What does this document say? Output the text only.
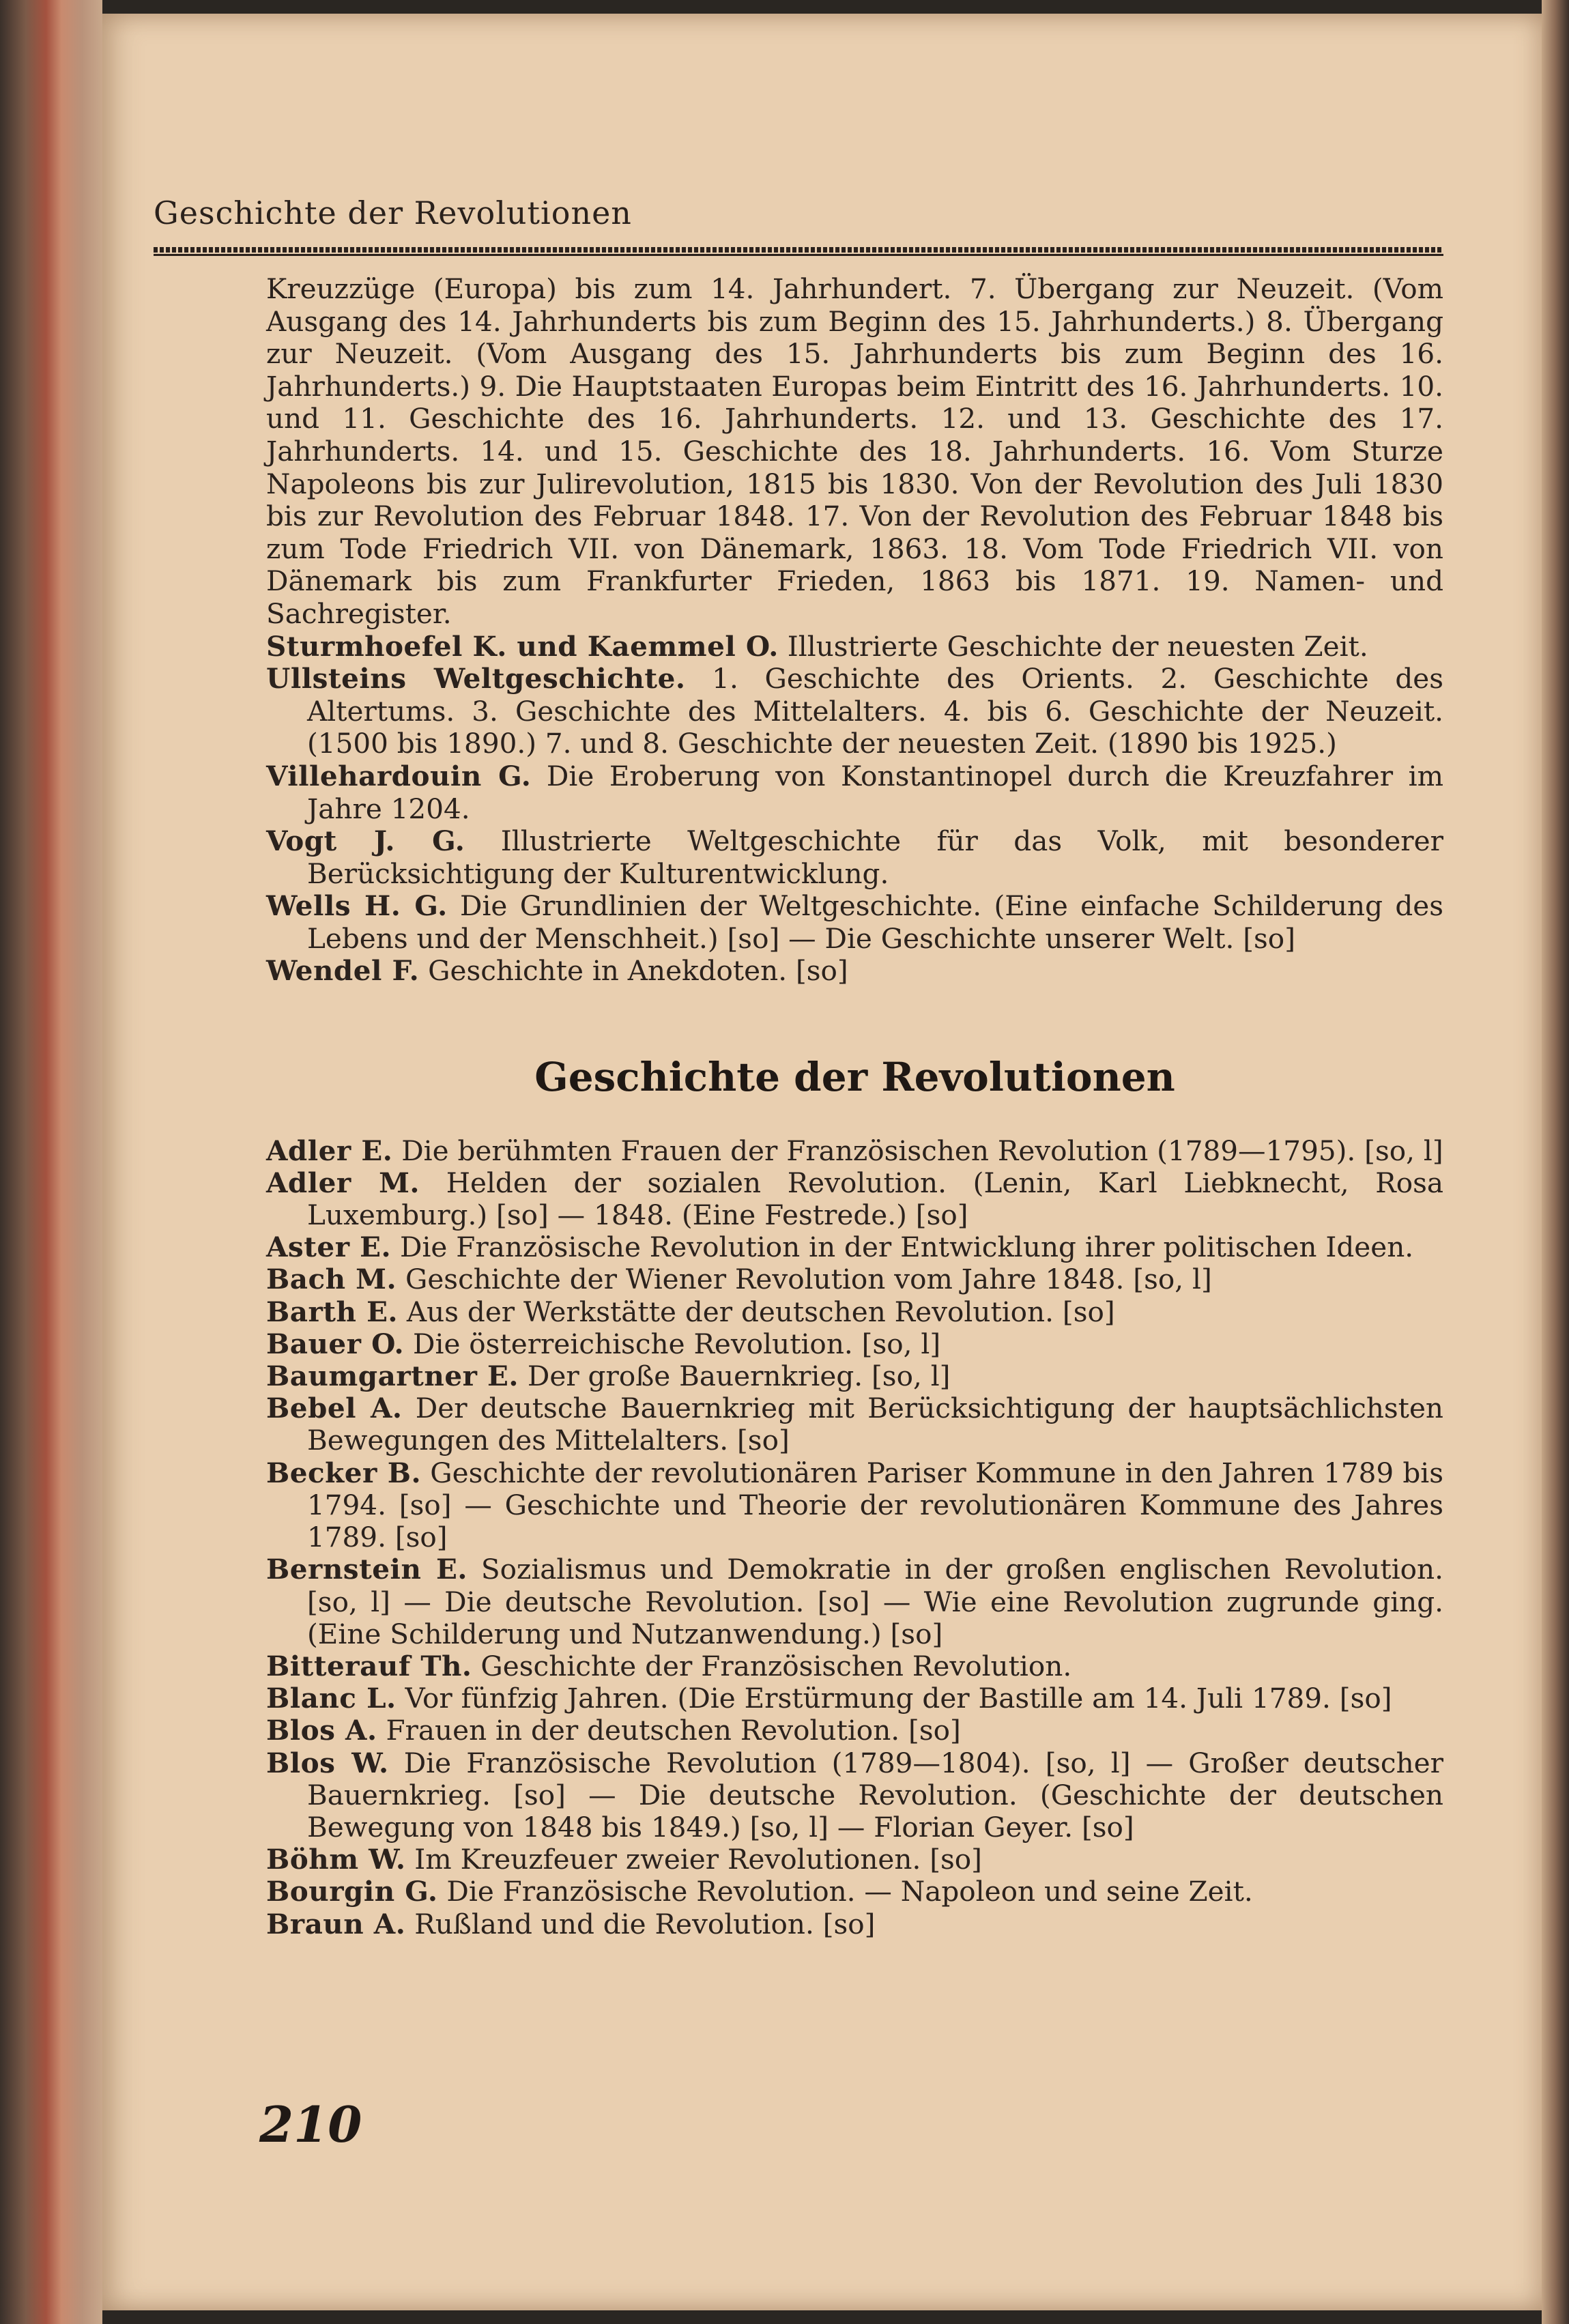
Geschichte der Revolutionen

Kreuzzüge (Europa) bis zum 14. Jahrhundert. 7. Übergang zur Neuzeit. (Vom Ausgang des 14. Jahrhunderts bis zum Beginn des 15. Jahrhunderts.) 8. Übergang zur Neuzeit. (Vom Ausgang des 15. Jahrhunderts bis zum Beginn des 16. Jahrhunderts.) 9. Die Hauptstaaten Europas beim Eintritt des 16. Jahrhunderts. 10. und 11. Geschichte des 16. Jahrhunderts. 12. und 13. Geschichte des 17. Jahrhunderts. 14. und 15. Geschichte des 18. Jahrhunderts. 16. Vom Sturze Napoleons bis zur Julirevolution, 1815 bis 1830. Von der Revolution des Juli 1830 bis zur Revolution des Februar 1848. 17. Von der Revolution des Februar 1848 bis zum Tode Friedrich VII. von Dänemark, 1863. 18. Vom Tode Friedrich VII. von Dänemark bis zum Frankfurter Frieden, 1863 bis 1871. 19. Namen- und Sachregister.

Sturmhoefel K. und Kaemmel O. Illustrierte Geschichte der neuesten Zeit.

Ullsteins Weltgeschichte. 1. Geschichte des Orients. 2. Geschichte des Altertums. 3. Geschichte des Mittelalters. 4. bis 6. Geschichte der Neuzeit. (1500 bis 1890.) 7. und 8. Geschichte der neuesten Zeit. (1890 bis 1925.)

Villehardouin G. Die Eroberung von Konstantinopel durch die Kreuzfahrer im Jahre 1204.

Vogt J. G. Illustrierte Weltgeschichte für das Volk, mit besonderer Berücksichtigung der Kulturentwicklung.

Wells H. G. Die Grundlinien der Weltgeschichte. (Eine einfache Schilderung des Lebens und der Menschheit.) [so] — Die Geschichte unserer Welt. [so]

Wendel F. Geschichte in Anekdoten. [so]

Geschichte der Revolutionen

Adler E. Die berühmten Frauen der Französischen Revolution (1789—1795). [so, l]

Adler M. Helden der sozialen Revolution. (Lenin, Karl Liebknecht, Rosa Luxemburg.) [so] — 1848. (Eine Festrede.) [so]

Aster E. Die Französische Revolution in der Entwicklung ihrer politischen Ideen.

Bach M. Geschichte der Wiener Revolution vom Jahre 1848. [so, l]

Barth E. Aus der Werkstätte der deutschen Revolution. [so]

Bauer O. Die österreichische Revolution. [so, l]

Baumgartner E. Der große Bauernkrieg. [so, l]

Bebel A. Der deutsche Bauernkrieg mit Berücksichtigung der hauptsächlichsten Bewegungen des Mittelalters. [so]

Becker B. Geschichte der revolutionären Pariser Kommune in den Jahren 1789 bis 1794. [so] — Geschichte und Theorie der revolutionären Kommune des Jahres 1789. [so]

Bernstein E. Sozialismus und Demokratie in der großen englischen Revolution. [so, l] — Die deutsche Revolution. [so] — Wie eine Revolution zugrunde ging. (Eine Schilderung und Nutzanwendung.) [so]

Bitterauf Th. Geschichte der Französischen Revolution.

Blanc L. Vor fünfzig Jahren. (Die Erstürmung der Bastille am 14. Juli 1789. [so]

Blos A. Frauen in der deutschen Revolution. [so]

Blos W. Die Französische Revolution (1789—1804). [so, l] — Großer deutscher Bauernkrieg. [so] — Die deutsche Revolution. (Geschichte der deutschen Bewegung von 1848 bis 1849.) [so, l] — Florian Geyer. [so]

Böhm W. Im Kreuzfeuer zweier Revolutionen. [so]

Bourgin G. Die Französische Revolution. — Napoleon und seine Zeit.

Braun A. Rußland und die Revolution. [so]

210
